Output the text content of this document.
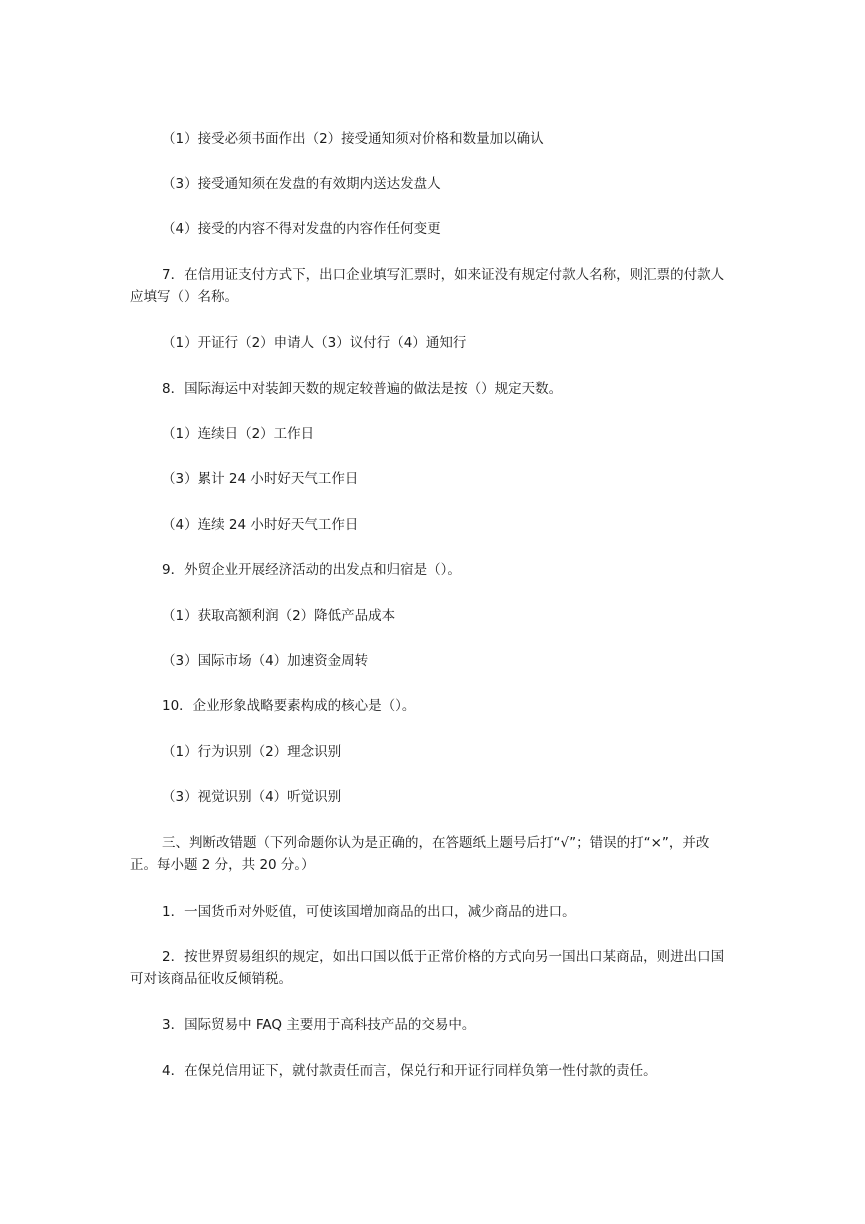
（1）接受必须书面作出（2）接受通知须对价格和数量加以确认

（3）接受通知须在发盘的有效期内送达发盘人

（4）接受的内容不得对发盘的内容作任何变更

7．在信用证支付方式下，出口企业填写汇票时，如来证没有规定付款人名称，则汇票的付款人应填写（）名称。

（1）开证行（2）申请人（3）议付行（4）通知行

8．国际海运中对装卸天数的规定较普遍的做法是按（）规定天数。

（1）连续日（2）工作日

（3）累计 24 小时好天气工作日

（4）连续 24 小时好天气工作日

9．外贸企业开展经济活动的出发点和归宿是（）。

（1）获取高额利润（2）降低产品成本

（3）国际市场（4）加速资金周转

10．企业形象战略要素构成的核心是（）。

（1）行为识别（2）理念识别

（3）视觉识别（4）听觉识别

三、判断改错题（下列命题你认为是正确的，在答题纸上题号后打“√”；错误的打“×”，并改正。每小题 2 分，共 20 分。）

1．一国货币对外贬值，可使该国增加商品的出口，减少商品的进口。

2．按世界贸易组织的规定，如出口国以低于正常价格的方式向另一国出口某商品，则进出口国可对该商品征收反倾销税。

3．国际贸易中 FAQ 主要用于高科技产品的交易中。

4．在保兑信用证下，就付款责任而言，保兑行和开证行同样负第一性付款的责任。
